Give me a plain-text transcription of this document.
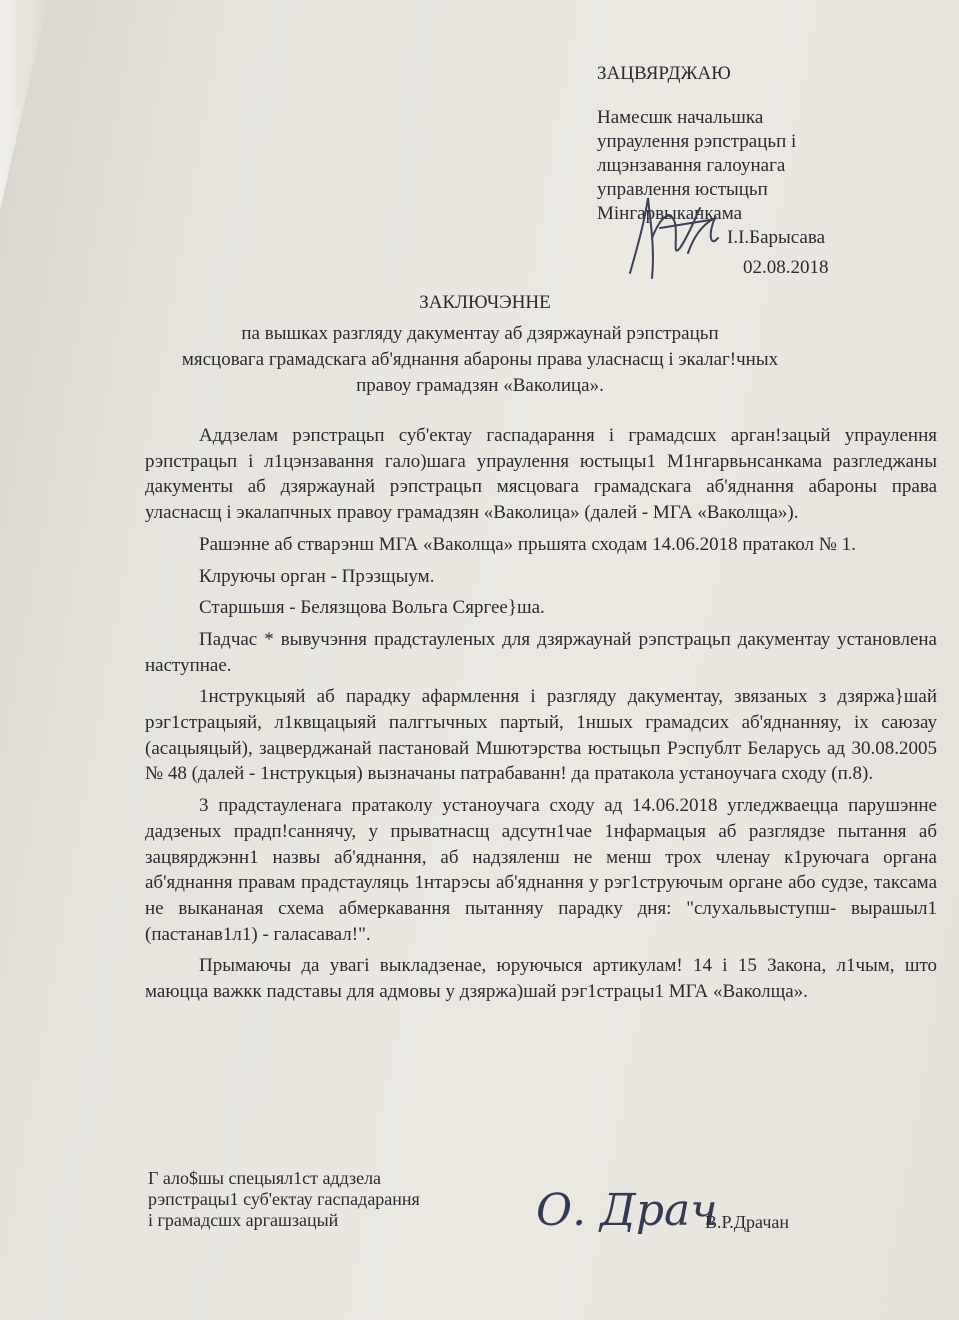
ЗАЦВЯРДЖАЮ
Намесшк начальшка
упраулення рэпстрацьп і
лщэнзавання галоунага
управлення юстыцьп
Мінгарвыканкама
І.І.Барысава
02.08.2018
ЗАКЛЮЧЭННЕ
па вышках разгляду дакументау аб дзяржаунай рэпстрацьп
мясцовага грамадскага аб'яднання абароны права уласнасщ і экалаг!чных
правоу грамадзян «Ваколица».

Аддзелам рэпстрацьп суб'ектау гаспадарання і грамадсшх арган!зацый упраулення рэпстрацьп і л1цэнзавання гало)шага упраулення юстыцы1 М1нгарвьнсанкама разгледжаны дакументы аб дзяржаунай рэпстрацьп мясцовага грамадскага аб'яднання абароны права уласнасщ і экалапчных правоу грамадзян «Ваколица» (далей - МГА «Ваколща»).

Рашэнне аб стварэнш МГА «Ваколща» прьшята сходам 14.06.2018 пратакол № 1.

Клруючы орган - Прэзщыум.

Старшьшя - Белязщова Вольга Сяргее}ша.

Падчас * вывучэння прадстауленых для дзяржаунай рэпстрацьп дакументау установлена наступнае.

1нструкцыяй аб парадку афармлення і разгляду дакументау, звязаных з дзяржа}шай рэг1страцыяй, л1квщацыяй палггычных партый, 1ншых грамадсих аб'яднанняу, іх саюзау (асацыяцый), зацверджанай пастановай Мшютэрства юстыцьп Рэспублт Беларусь ад 30.08.2005 № 48 (далей - 1нструкцыя) вызначаны патрабаванн! да пратакола устаноучага сходу (п.8).

3 прадстауленага пратаколу устаноучага сходу ад 14.06.2018 угледжваецца парушэнне дадзеных прадп!саннячу, у прыватнасщ адсутн1чае 1нфармацыя аб разглядзе пытання аб зацвярджэнн1 назвы аб'яднання, аб надзяленш не менш трох членау к1руючага органа аб'яднання правам прадстауляць 1нтарэсы аб'яднання у рэг1струючым органе або судзе, таксама не выкананая схема абмеркавання пытанняу парадку дня: "слухальвыступш- вырашыл1 (пастанав1л1) - галасавал!".

Прымаючы да увагі выкладзенае, юруючыся артикулам! 14 і 15 Закона, л1чым, што маюцца важкк падставы для адмовы у дзяржа)шай рэг1страцы1 МГА «Ваколща».

Г ало$шы спецыял1ст аддзела
рэпстрацы1 суб'ектау гаспадарання
і грамадсшх аргашзацый	О. Драч
В.Р.Драчан
